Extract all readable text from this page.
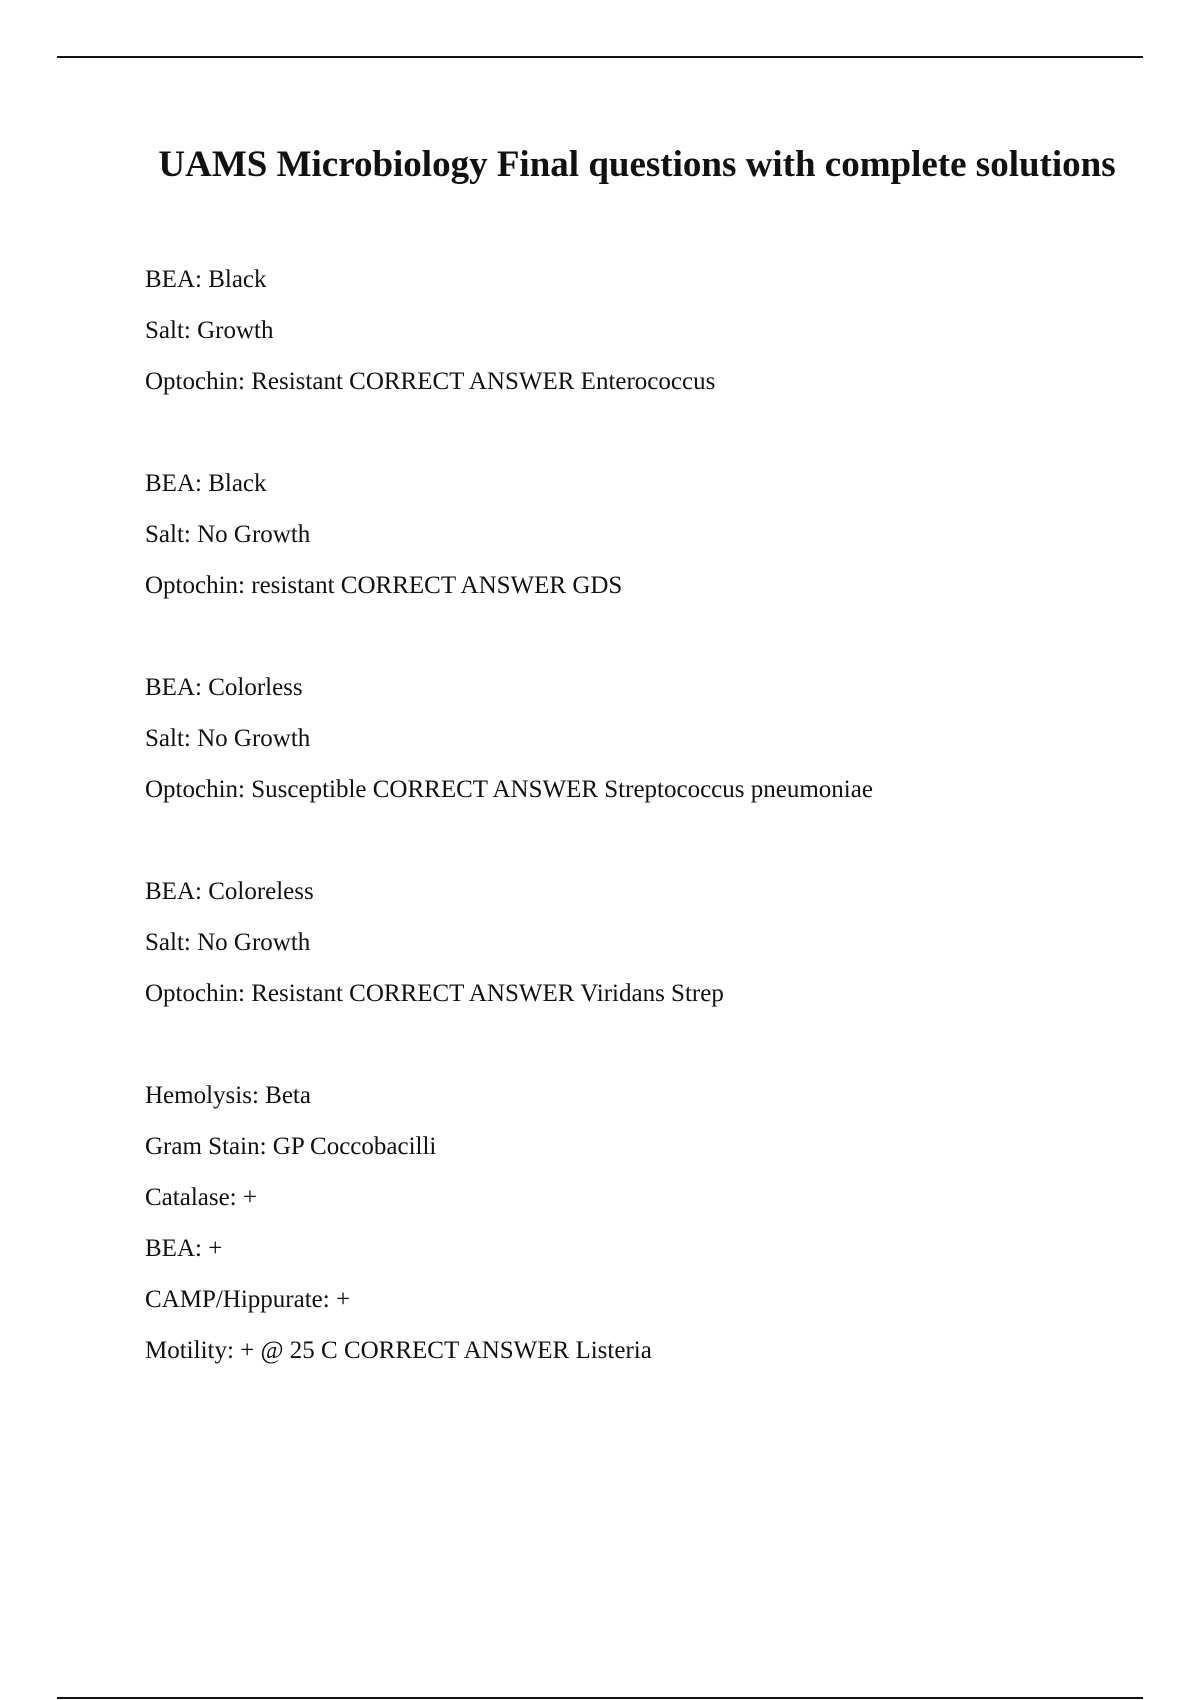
UAMS Microbiology Final questions with complete solutions
BEA: Black
Salt: Growth
Optochin: Resistant CORRECT ANSWER Enterococcus
BEA: Black
Salt: No Growth
Optochin: resistant CORRECT ANSWER GDS
BEA: Colorless
Salt: No Growth
Optochin: Susceptible CORRECT ANSWER Streptococcus pneumoniae
BEA: Coloreless
Salt: No Growth
Optochin: Resistant CORRECT ANSWER Viridans Strep
Hemolysis: Beta
Gram Stain: GP Coccobacilli
Catalase: +
BEA: +
CAMP/Hippurate: +
Motility: + @ 25 C CORRECT ANSWER Listeria
